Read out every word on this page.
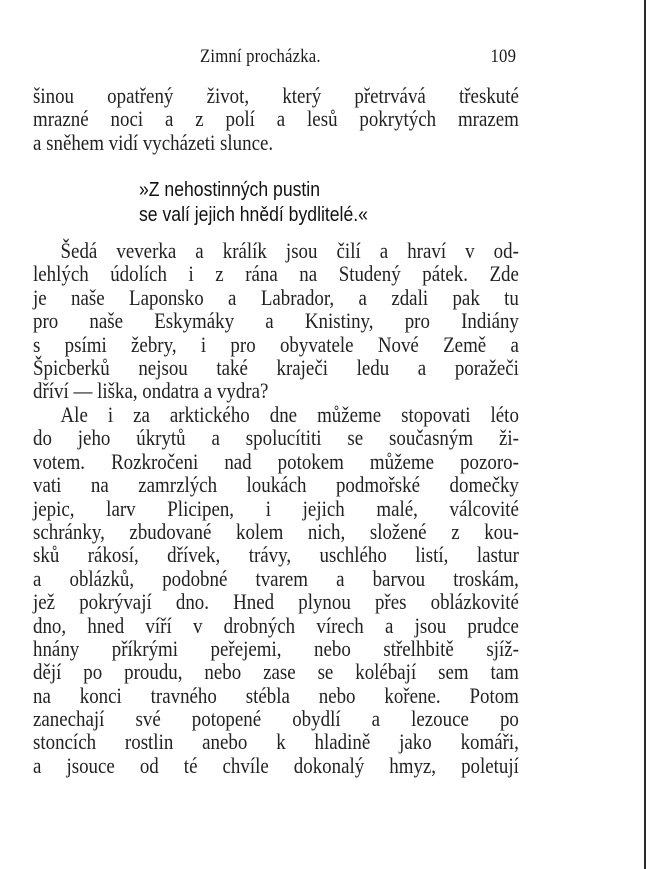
Zimní procházka.	109
šinou opatřený život, který přetrvává třeskuté
mrazné noci a z polí a lesů pokrytých mrazem
a sněhem vidí vycházeti slunce.
»Z nehostinných pustin
se valí jejich hnědí bydlitelé.«
Šedá veverka a králík jsou čilí a hraví v od-
lehlých údolích i z rána na Studený pátek. Zde
je naše Laponsko a Labrador, a zdali pak tu
pro naše Eskymáky a Knistiny, pro Indiány
s psími žebry, i pro obyvatele Nové Země a
Špicberků nejsou také kraječi ledu a poražeči
dříví — liška, ondatra a vydra?
Ale i za arktického dne můžeme stopovati léto
do jeho úkrytů a spolucítiti se současným ži-
votem. Rozkročeni nad potokem můžeme pozoro-
vati na zamrzlých loukách podmořské domečky
jepic, larv Plicipen, i jejich malé, válcovité
schránky, zbudované kolem nich, složené z kou-
sků rákosí, dřívek, trávy, uschlého listí, lastur
a oblázků, podobné tvarem a barvou troskám,
jež pokrývají dno. Hned plynou přes oblázkovité
dno, hned víří v drobných vírech a jsou prudce
hnány příkrými peřejemi, nebo střelhbitě sjíž-
dějí po proudu, nebo zase se kolébají sem tam
na konci travného stébla nebo kořene. Potom
zanechají své potopené obydlí a lezouce po
stoncích rostlin anebo k hladině jako komáři,
a jsouce od té chvíle dokonalý hmyz, poletují
